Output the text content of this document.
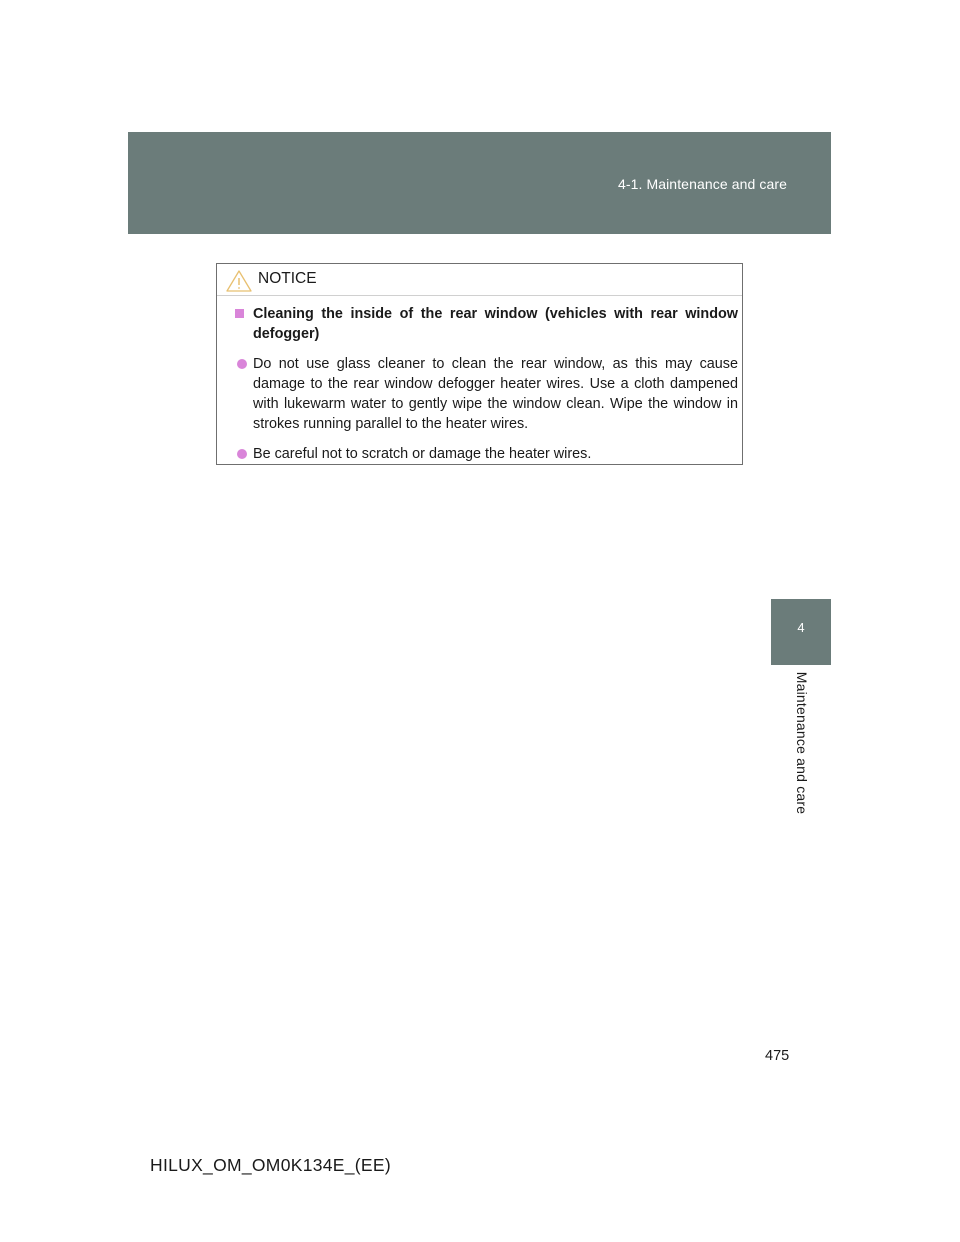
4-1. Maintenance and care
4
Maintenance and care
NOTICE
Cleaning the inside of the rear window (vehicles with rear window defogger)
Do not use glass cleaner to clean the rear window, as this may cause damage to the rear window defogger heater wires. Use a cloth dampened with lukewarm water to gently wipe the window clean. Wipe the window in strokes running parallel to the heater wires.
Be careful not to scratch or damage the heater wires.
475
HILUX_OM_OM0K134E_(EE)
